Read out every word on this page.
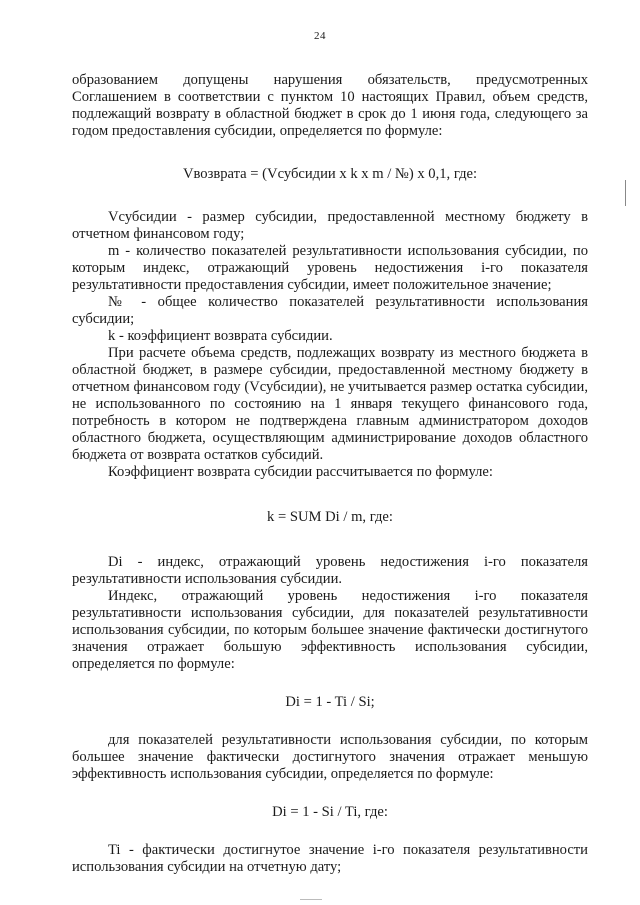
24

образованием допущены нарушения обязательств, предусмотренных Соглашением в соответствии с пунктом 10 настоящих Правил, объем средств, подлежащий возврату в областной бюджет в срок до 1 июня года, следующего за годом предоставления субсидии, определяется по формуле:

Vвозврата = (Vсубсидии x k x m / №) x 0,1, где:

Vсубсидии - размер субсидии, предоставленной местному бюджету в отчетном финансовом году;

m - количество показателей результативности использования субсидии, по которым индекс, отражающий уровень недостижения i-го показателя результативности предоставления субсидии, имеет положительное значение;

№ - общее количество показателей результативности использования субсидии;

k - коэффициент возврата субсидии.

При расчете объема средств, подлежащих возврату из местного бюджета в областной бюджет, в размере субсидии, предоставленной местному бюджету в отчетном финансовом году (Vсубсидии), не учитывается размер остатка субсидии, не использованного по состоянию на 1 января текущего финансового года, потребность в котором не подтверждена главным администратором доходов областного бюджета, осуществляющим администрирование доходов областного бюджета от возврата остатков субсидий.

Коэффициент возврата субсидии рассчитывается по формуле:

k = SUM Di / m, где:

Di - индекс, отражающий уровень недостижения i-го показателя результативности использования субсидии.

Индекс, отражающий уровень недостижения i-го показателя результативности использования субсидии, для показателей результативности использования субсидии, по которым большее значение фактически достигнутого значения отражает большую эффективность использования субсидии, определяется по формуле:

Di = 1 - Ti / Si;

для показателей результативности использования субсидии, по которым большее значение фактически достигнутого значения отражает меньшую эффективность использования субсидии, определяется по формуле:

Di = 1 - Si / Ti, где:

Ti - фактически достигнутое значение i-го показателя результативности использования субсидии на отчетную дату;
